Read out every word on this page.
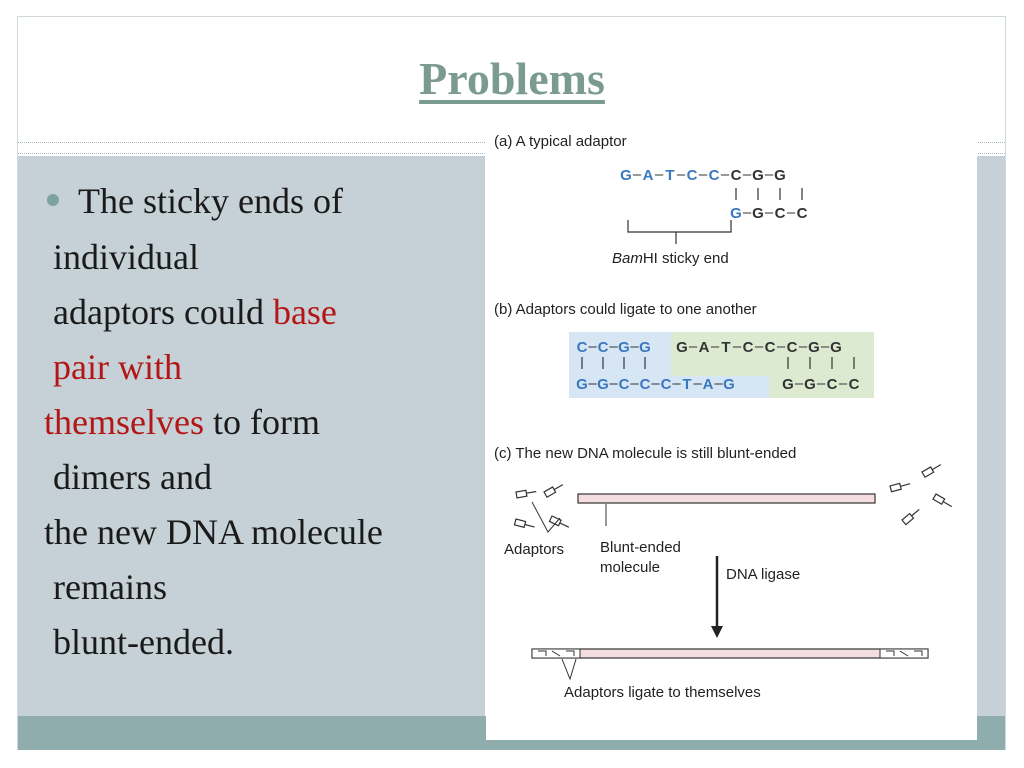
Problems
The sticky ends of
individual
adaptors could base
pair with
themselves to form
dimers and
the new DNA molecule
remains
blunt-ended.
(a) A typical adaptor
G – A – T – C – C – C – G – G
G – G – C – C
BamHI sticky end
(b) Adaptors could ligate to one another
C – C – G – G
G – G – C – C – C – T – A – G
G – A – T – C – C – C – G – G
G – G – C – C
(c) The new DNA molecule is still blunt-ended
Adaptors Blunt-ended
molecule	DNA ligase
Adaptors ligate to themselves
